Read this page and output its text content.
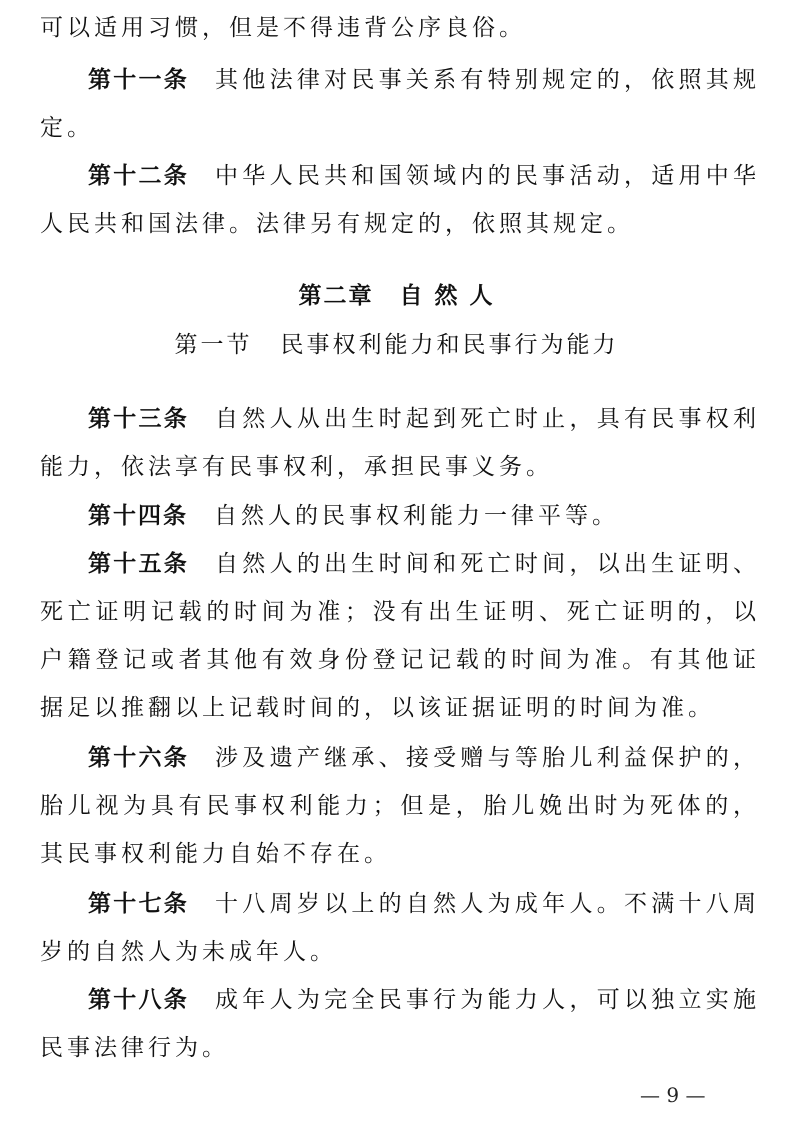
可以适用习惯，但是不得违背公序良俗。

第十一条 其他法律对民事关系有特别规定的，依照其规定。

第十二条 中华人民共和国领域内的民事活动，适用中华人民共和国法律。法律另有规定的，依照其规定。

第二章 自 然 人
第一节 民事权利能力和民事行为能力

第十三条 自然人从出生时起到死亡时止，具有民事权利能力，依法享有民事权利，承担民事义务。

第十四条 自然人的民事权利能力一律平等。

第十五条 自然人的出生时间和死亡时间，以出生证明、死亡证明记载的时间为准；没有出生证明、死亡证明的，以户籍登记或者其他有效身份登记记载的时间为准。有其他证据足以推翻以上记载时间的，以该证据证明的时间为准。

第十六条 涉及遗产继承、接受赠与等胎儿利益保护的，胎儿视为具有民事权利能力；但是，胎儿娩出时为死体的，其民事权利能力自始不存在。

第十七条 十八周岁以上的自然人为成年人。不满十八周岁的自然人为未成年人。

第十八条 成年人为完全民事行为能力人，可以独立实施民事法律行为。

— 9 —
